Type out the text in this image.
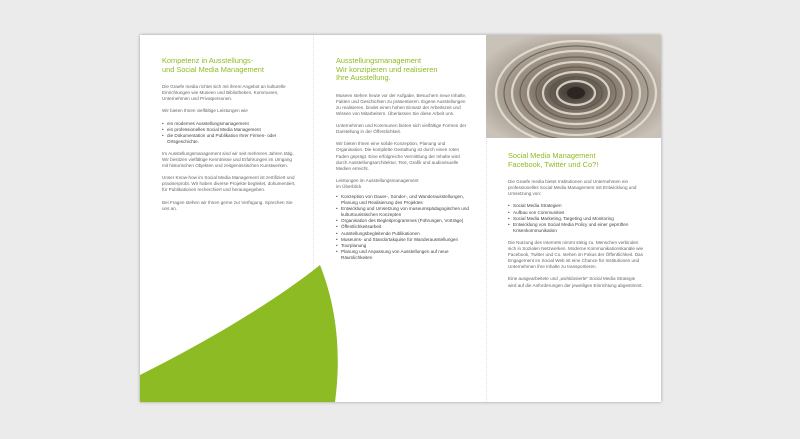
Kompetenz in Ausstellungs-
und Social Media Management

Die Graefe media richtet sich mit ihrem Angebot an kulturelle Einrichtungen wie Museen und Bibliotheken, Kommunen, Unternehmen und Privatpersonen.

Wir bieten Ihnen vielfältige Leistungen wie

• ein modernes Ausstellungsmanagement
• ein professionelles Social Media Management
• die Dokumentation und Publikation Ihrer Firmen- oder Ortsgeschichte.

Im Ausstellungsmanagement sind wir seit mehreren Jahren tätig. Wir besitzen vielfältige Kenntnisse und Erfahrungen im Umgang mit historischen Objekten und zeitgenössischen Kunstwerken.

Unser Know-how im Social Media Management ist zertifiziert und praxiserprobt. Wir haben diverse Projekte begleitet, dokumentiert, für Publikationen recherchiert und herausgegeben.

Bei Fragen stehen wir Ihnen gerne zur Verfügung. Sprechen Sie uns an.

Ausstellungsmanagement
Wir konzipieren und realisieren
Ihre Ausstellung.

Museen stehen heute vor der Aufgabe, Besuchern neue Inhalte, Fakten und Geschichten zu präsentieren. Eigene Ausstellungen zu realisieren, bindet einen hohen Einsatz der Arbeitszeit und Wissen von Mitarbeitern. Überlassen Sie diese Arbeit uns.

Unternehmen und Kommunen bieten sich vielfältige Formen der Darstellung in der Öffentlichkeit.

Wir bieten Ihnen eine solide Konzeption, Planung und Organisation. Die komplette Gestaltung ist durch einen roten Faden geprägt. Eine erfolgreiche Vermittlung der Inhalte wird durch Ausstellungsarchitektur, Text, Grafik und audiovisuelle Medien erreicht.

Leistungen im Ausstellungsmanagement
im Überblick

• Konzeption von Dauer-, Sonder-, und Wanderausstellungen, Planung und Realisierung des Projektes
• Entwicklung und Umsetzung von museumspädagogischen und kulturtouristischen Konzepten
• Organisation des Begleitprogrammes (Führungen, Vorträge)
• Öffentlichkeitsarbeit
• Ausstellungsbegleitende Publikationen
• Museums- und Standortakquise für Wanderausstellungen
• Tourplanung
• Planung und Anpassung von Ausstellungen auf neue Räumlichkeiten
Social Media Management
Facebook, Twitter und Co?!

Die Graefe media bietet Institutionen und Unternehmen ein professionelles Social Media Management mit Entwicklung und Umsetzung von:

• Social Media Strategien
• Aufbau von Communities
• Social Media Marketing, Targeting und Monitoring
• Entwicklung von Social Media Policy und einer geprüften Krisenkommunikation

Die Nutzung des Internets nimmt stetig zu. Menschen verbinden sich in Sozialen Netzwerken. Moderne Kommunikationskanäle wie Facebook, Twitter und Co. stehen im Fokus der Öffentlichkeit. Das Engagement im Social Web ist eine Chance für Institutionen und Unternehmen ihre Inhalte zu transportieren.

Eine ausgearbeitete und „wohldosierte“ Social Media Strategie wird auf die Anforderungen der jeweiligen Einrichtung abgestimmt.
